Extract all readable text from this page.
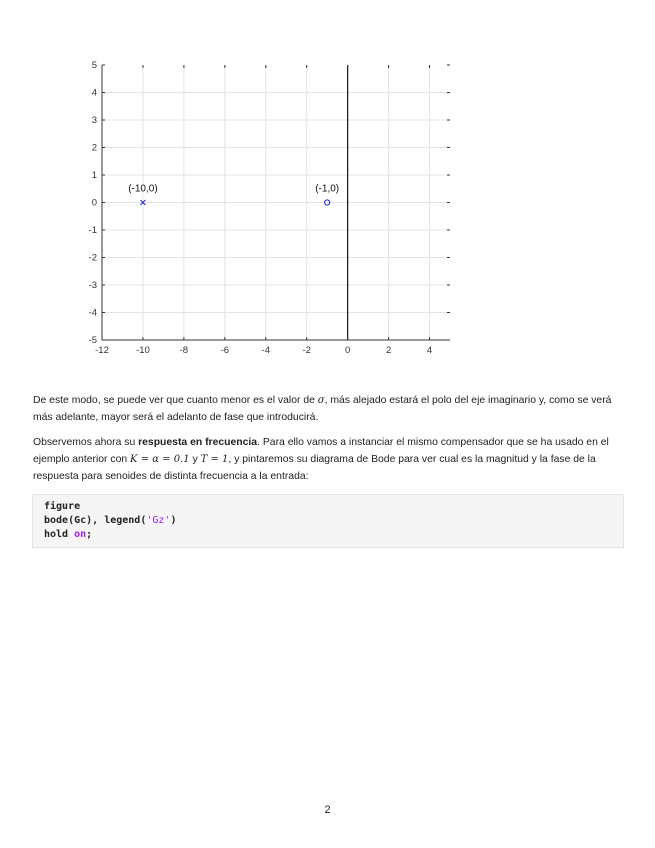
-12	-10	-8	-6	-4	-2	0	2	4
5
4
3
2
1
0
-1
-2
-3
-4
-5
(-10,0)	(-1,0)
De este modo, se puede ver que cuanto menor es el valor de σ, más alejado estará el polo del eje imaginario y, como se verá más adelante, mayor será el adelanto de fase que introducirá.
Observemos ahora su respuesta en frecuencia. Para ello vamos a instanciar el mismo compensador que se ha usado en el ejemplo anterior con K = α = 0.1 y T = 1, y pintaremos su diagrama de Bode para ver cual es la magnitud y la fase de la respuesta para senoides de distinta frecuencia a la entrada:
figure
bode(Gc), legend('Gz')
hold on;
2
